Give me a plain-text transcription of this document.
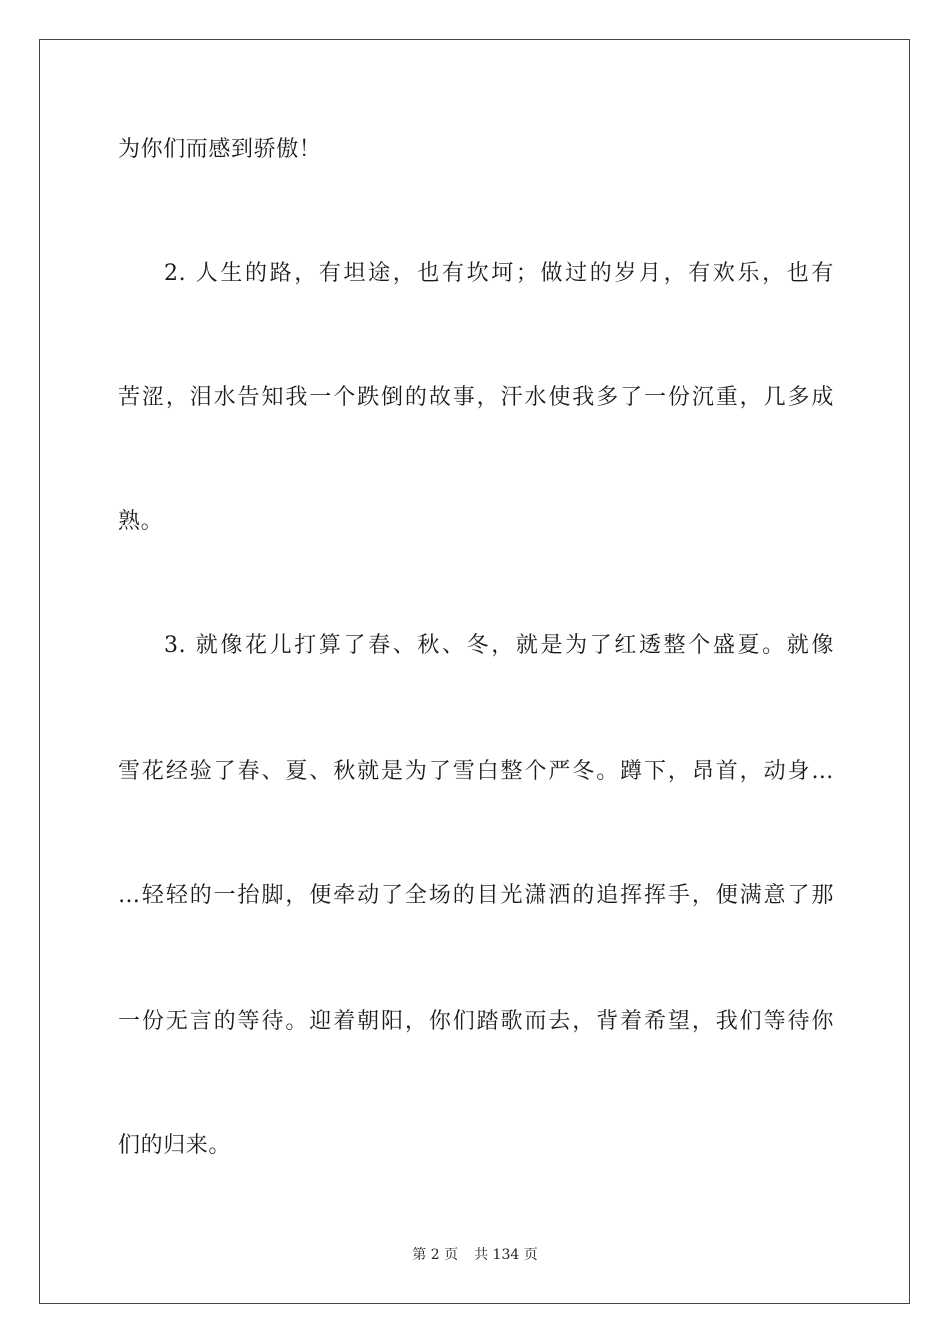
为你们而感到骄傲！
2. 人生的路，有坦途，也有坎坷；做过的岁月，有欢乐，也有
苦涩，泪水告知我一个跌倒的故事，汗水使我多了一份沉重，几多成
熟。
3. 就像花儿打算了春、秋、冬，就是为了红透整个盛夏。就像
雪花经验了春、夏、秋就是为了雪白整个严冬。蹲下，昂首，动身…
…轻轻的一抬脚，便牵动了全场的目光潇洒的追挥挥手，便满意了那
一份无言的等待。迎着朝阳，你们踏歌而去，背着希望，我们等待你
们的归来。
第 2 页 共 134 页
